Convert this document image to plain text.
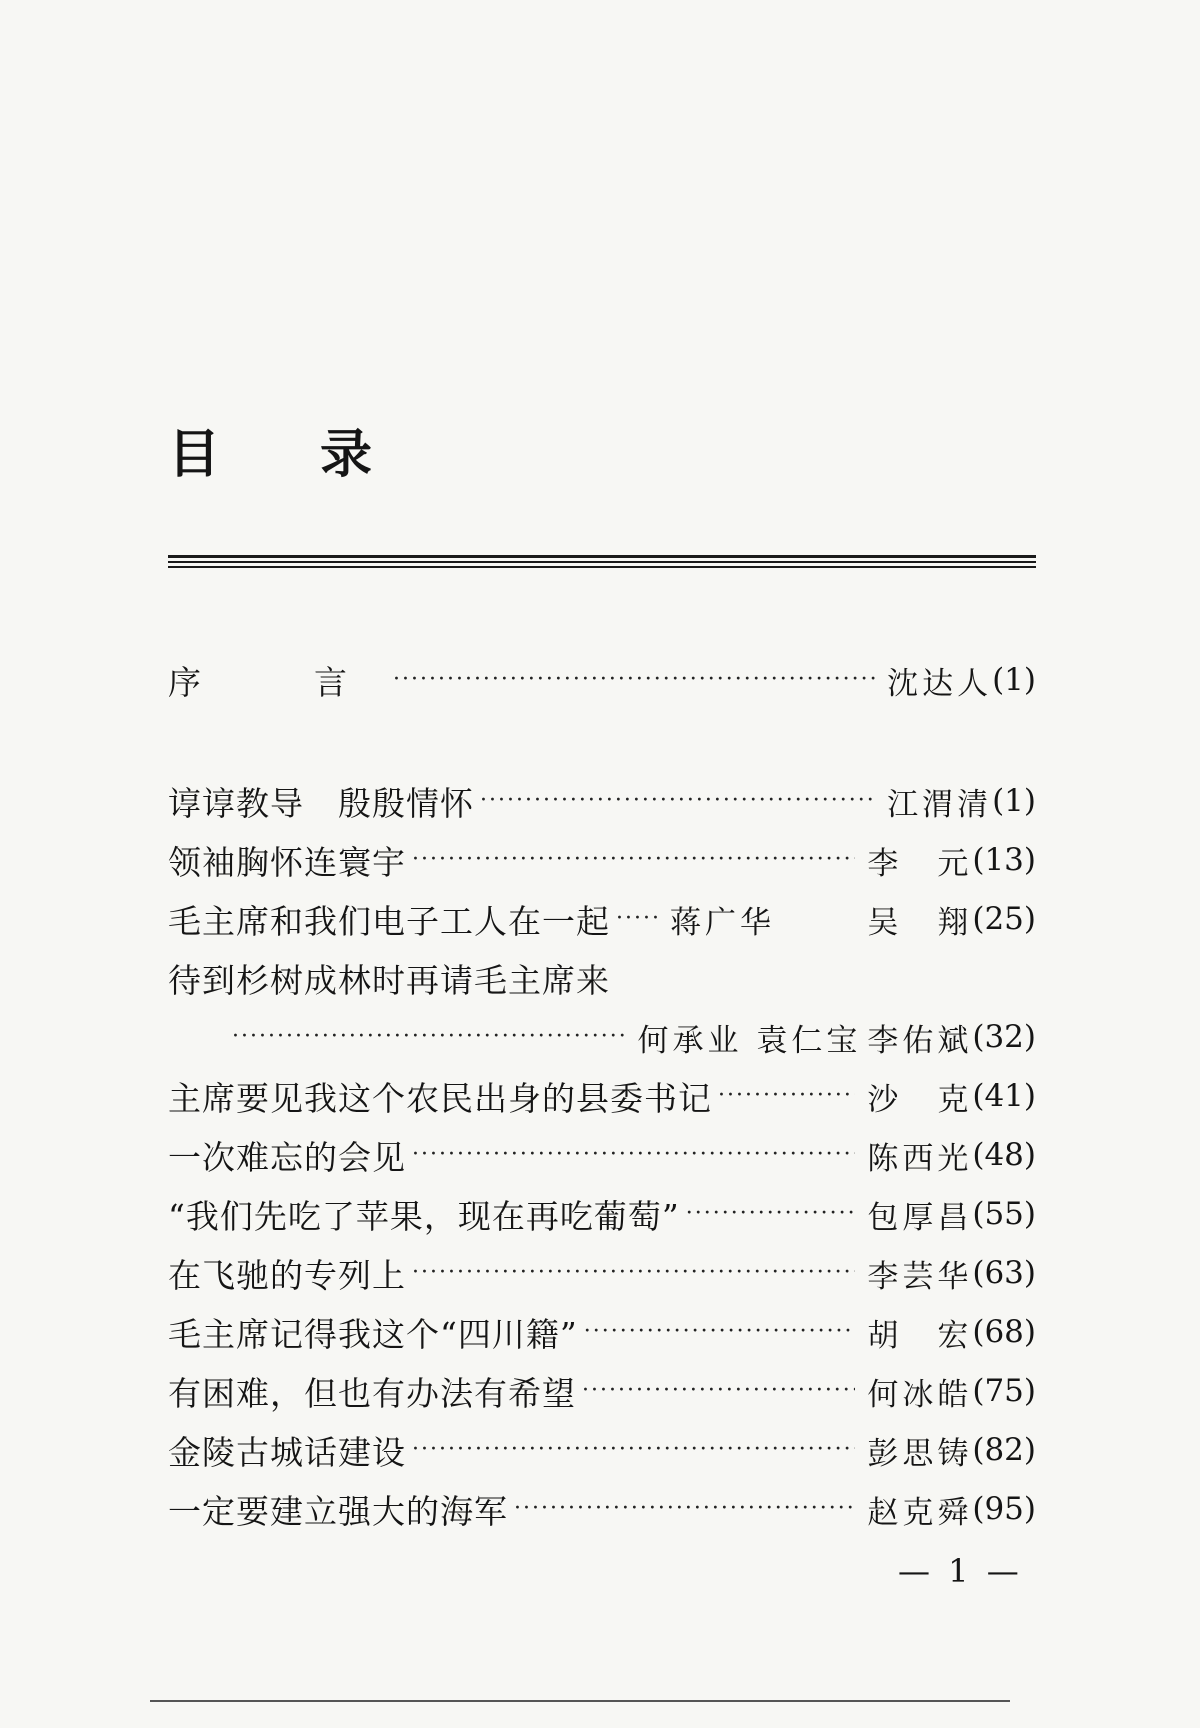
目 录
序　言 ·····	沈达人 (1)
谆谆教导　殷殷情怀 ·····	江渭清 (1)
领袖胸怀连寰宇 ·····	李　元 (13)
毛主席和我们电子工人在一起 ····· 蒋广华	吴　翔 (25)
待到杉树成林时再请毛主席来
·····
何承业 袁仁宝 李佑斌 (32)
主席要见我这个农民出身的县委书记 ·····	沙　克 (41)
一次难忘的会见 ·····	陈西光 (48)
“我们先吃了苹果，现在再吃葡萄” ·····	包厚昌 (55)
在飞驰的专列上 ·····	李芸华 (63)
毛主席记得我这个“四川籍” ·····	胡　宏 (68)
有困难，但也有办法有希望 ·····	何冰皓 (75)
金陵古城话建设 ·····	彭思铸 (82)
一定要建立强大的海军 ·····	赵克舜 (95)
— 1 —
